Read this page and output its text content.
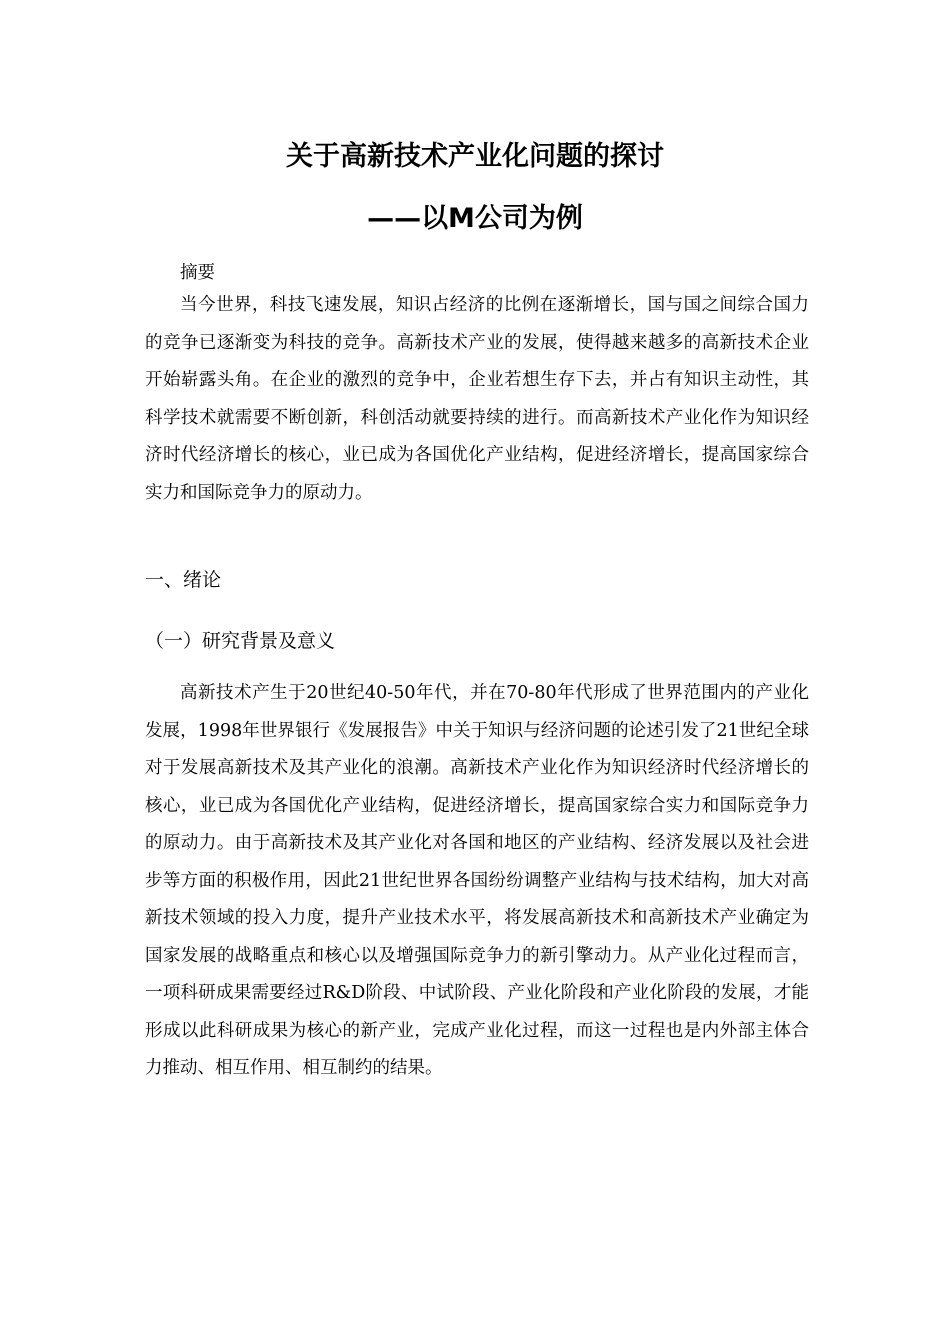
关于高新技术产业化问题的探讨
——以M公司为例
摘要
当今世界，科技飞速发展，知识占经济的比例在逐渐增长，国与国之间综合国力的竞争已逐渐变为科技的竞争。高新技术产业的发展，使得越来越多的高新技术企业开始崭露头角。在企业的激烈的竞争中，企业若想生存下去，并占有知识主动性，其科学技术就需要不断创新，科创活动就要持续的进行。而高新技术产业化作为知识经济时代经济增长的核心，业已成为各国优化产业结构，促进经济增长，提高国家综合实力和国际竞争力的原动力。
一、绪论
（一）研究背景及意义
高新技术产生于20世纪40-50年代，并在70-80年代形成了世界范围内的产业化发展，1998年世界银行《发展报告》中关于知识与经济问题的论述引发了21世纪全球对于发展高新技术及其产业化的浪潮。高新技术产业化作为知识经济时代经济增长的核心，业已成为各国优化产业结构，促进经济增长，提高国家综合实力和国际竞争力的原动力。由于高新技术及其产业化对各国和地区的产业结构、经济发展以及社会进步等方面的积极作用，因此21世纪世界各国纷纷调整产业结构与技术结构，加大对高新技术领域的投入力度，提升产业技术水平，将发展高新技术和高新技术产业确定为国家发展的战略重点和核心以及增强国际竞争力的新引擎动力。从产业化过程而言，一项科研成果需要经过R&D阶段、中试阶段、产业化阶段和产业化阶段的发展，才能形成以此科研成果为核心的新产业，完成产业化过程，而这一过程也是内外部主体合力推动、相互作用、相互制约的结果。
